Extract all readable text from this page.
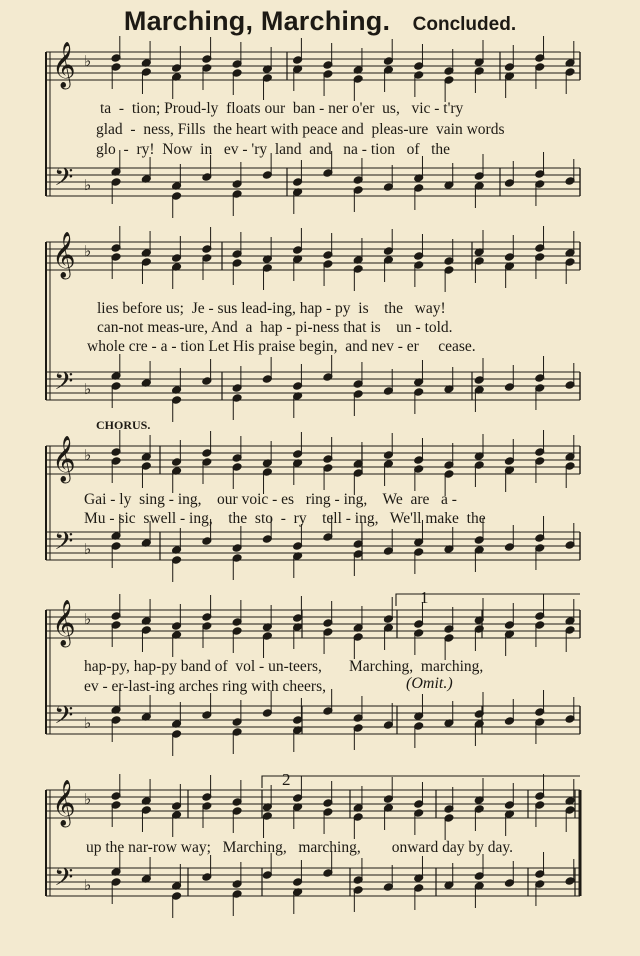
Marching, Marching. Concluded.
ta  -  tion; Proud-ly  floats our  ban - ner o'er  us,   vic - t'ry
glad  -  ness, Fills  the heart with peace and  pleas-ure  vain words
glo  -  ry!  Now  in   ev - 'ry  land  and   na - tion   of   the
lies before us;  Je - sus lead-ing, hap - py  is    the   way!
can-not meas-ure, And  a  hap - pi-ness that is    un - told.
whole cre - a - tion Let His praise begin,  and nev - er     cease.
CHORUS.
Gai - ly  sing - ing,    our voic - es   ring - ing,    We  are   a -
Mu - sic  swell - ing,    the  sto  -  ry    tell - ing,   We'll make  the
hap-py, hap-py band of  vol - un-teers,       Marching,  marching,
ev - er-last-ing arches ring with cheers,	(Omit.)
1
2
up the nar-row way;   Marching,   marching,        onward day by day.
𝄞
𝄢
♭
♭
𝄞
𝄢
♭
♭
𝄞
𝄢
♭
♭
𝄞
𝄢
♭
♭
𝄞
𝄢
♭
♭
